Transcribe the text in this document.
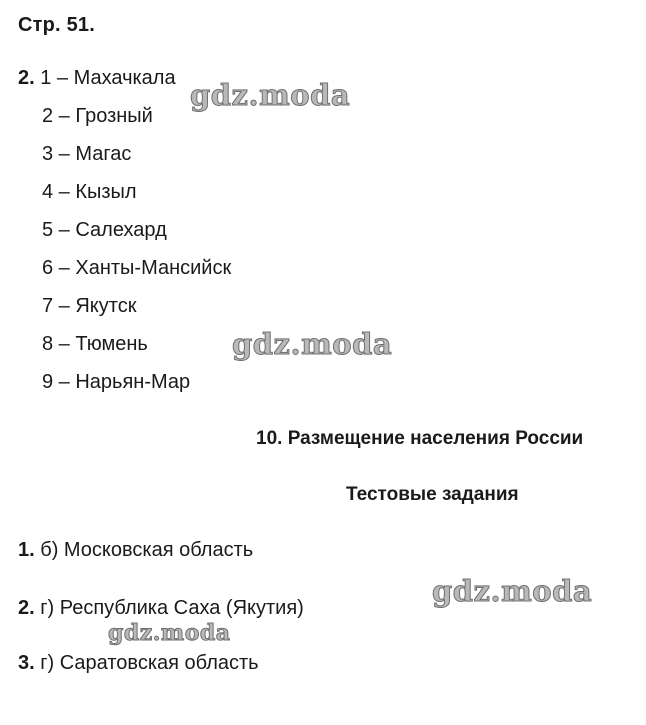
Стр. 51.
2. 1 – Махачкала
2 – Грозный
3 – Магас
4 – Кызыл
5 – Салехард
6 – Ханты-Мансийск
7 – Якутск
8 – Тюмень
9 – Нарьян-Мар
10. Размещение населения России
Тестовые задания
1. б) Московская область
2. г) Республика Саха (Якутия)
3. г) Саратовская область
gdz.moda
gdz.moda
gdz.moda
gdz.moda
